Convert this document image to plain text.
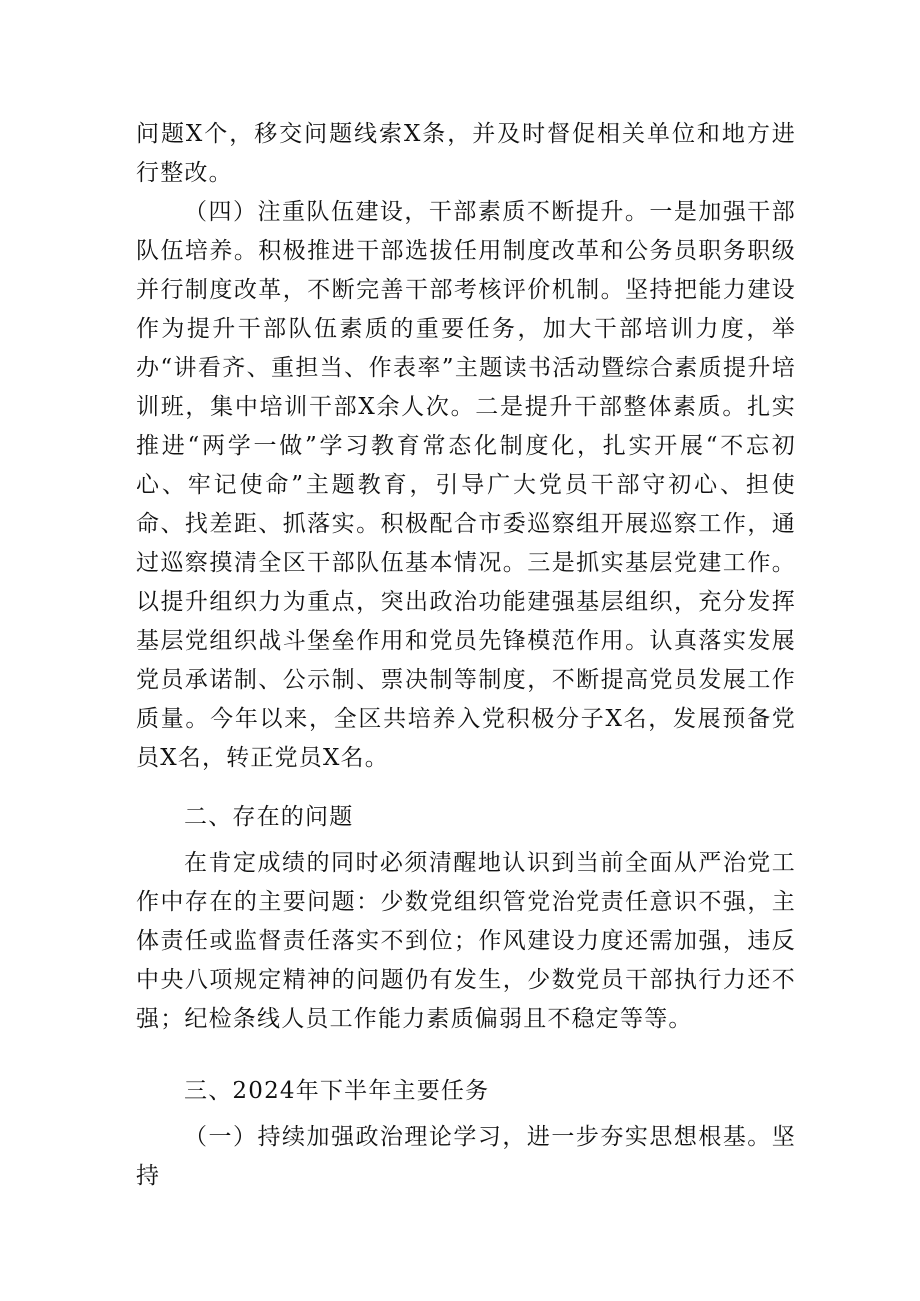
问题X个，移交问题线索X条，并及时督促相关单位和地方进行整改。

（四）注重队伍建设，干部素质不断提升。一是加强干部队伍培养。积极推进干部选拔任用制度改革和公务员职务职级并行制度改革，不断完善干部考核评价机制。坚持把能力建设作为提升干部队伍素质的重要任务，加大干部培训力度，举办“讲看齐、重担当、作表率”主题读书活动暨综合素质提升培训班，集中培训干部X余人次。二是提升干部整体素质。扎实推进“两学一做”学习教育常态化制度化，扎实开展“不忘初心、牢记使命”主题教育，引导广大党员干部守初心、担使命、找差距、抓落实。积极配合市委巡察组开展巡察工作，通过巡察摸清全区干部队伍基本情况。三是抓实基层党建工作。以提升组织力为重点，突出政治功能建强基层组织，充分发挥基层党组织战斗堡垒作用和党员先锋模范作用。认真落实发展党员承诺制、公示制、票决制等制度，不断提高党员发展工作质量。今年以来，全区共培养入党积极分子X名，发展预备党员X名，转正党员X名。

二、存在的问题

在肯定成绩的同时必须清醒地认识到当前全面从严治党工作中存在的主要问题：少数党组织管党治党责任意识不强，主体责任或监督责任落实不到位；作风建设力度还需加强，违反中央八项规定精神的问题仍有发生，少数党员干部执行力还不强；纪检条线人员工作能力素质偏弱且不稳定等等。

三、2024年下半年主要任务

（一）持续加强政治理论学习，进一步夯实思想根基。坚持
